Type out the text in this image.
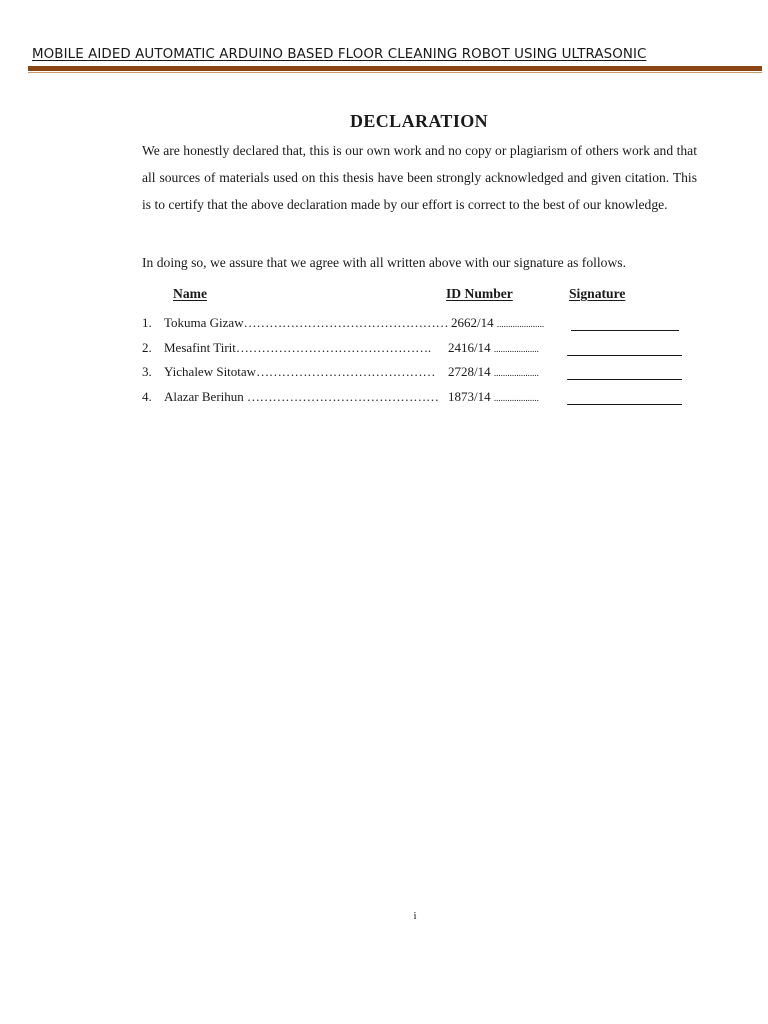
MOBILE AIDED AUTOMATIC ARDUINO BASED FLOOR CLEANING ROBOT USING ULTRASONIC
DECLARATION
We are honestly declared that, this is our own work and no copy or plagiarism of others work and that all sources of materials used on this thesis have been strongly acknowledged and given citation. This is to certify that the above declaration made by our effort is correct to the best of our knowledge.
In doing so, we assure that we agree with all written above with our signature as follows.
Name	ID Number	Signature
1. Tokuma Gizaw………………………………………… 2662/14 .....................
2. Mesafint Tirit………………………………………. 2416/14 ....................
3. Yichalew Sitotaw…………………………………… 2728/14 ....................
4. Alazar Berihun ……………………………………… 1873/14 ....................
i
